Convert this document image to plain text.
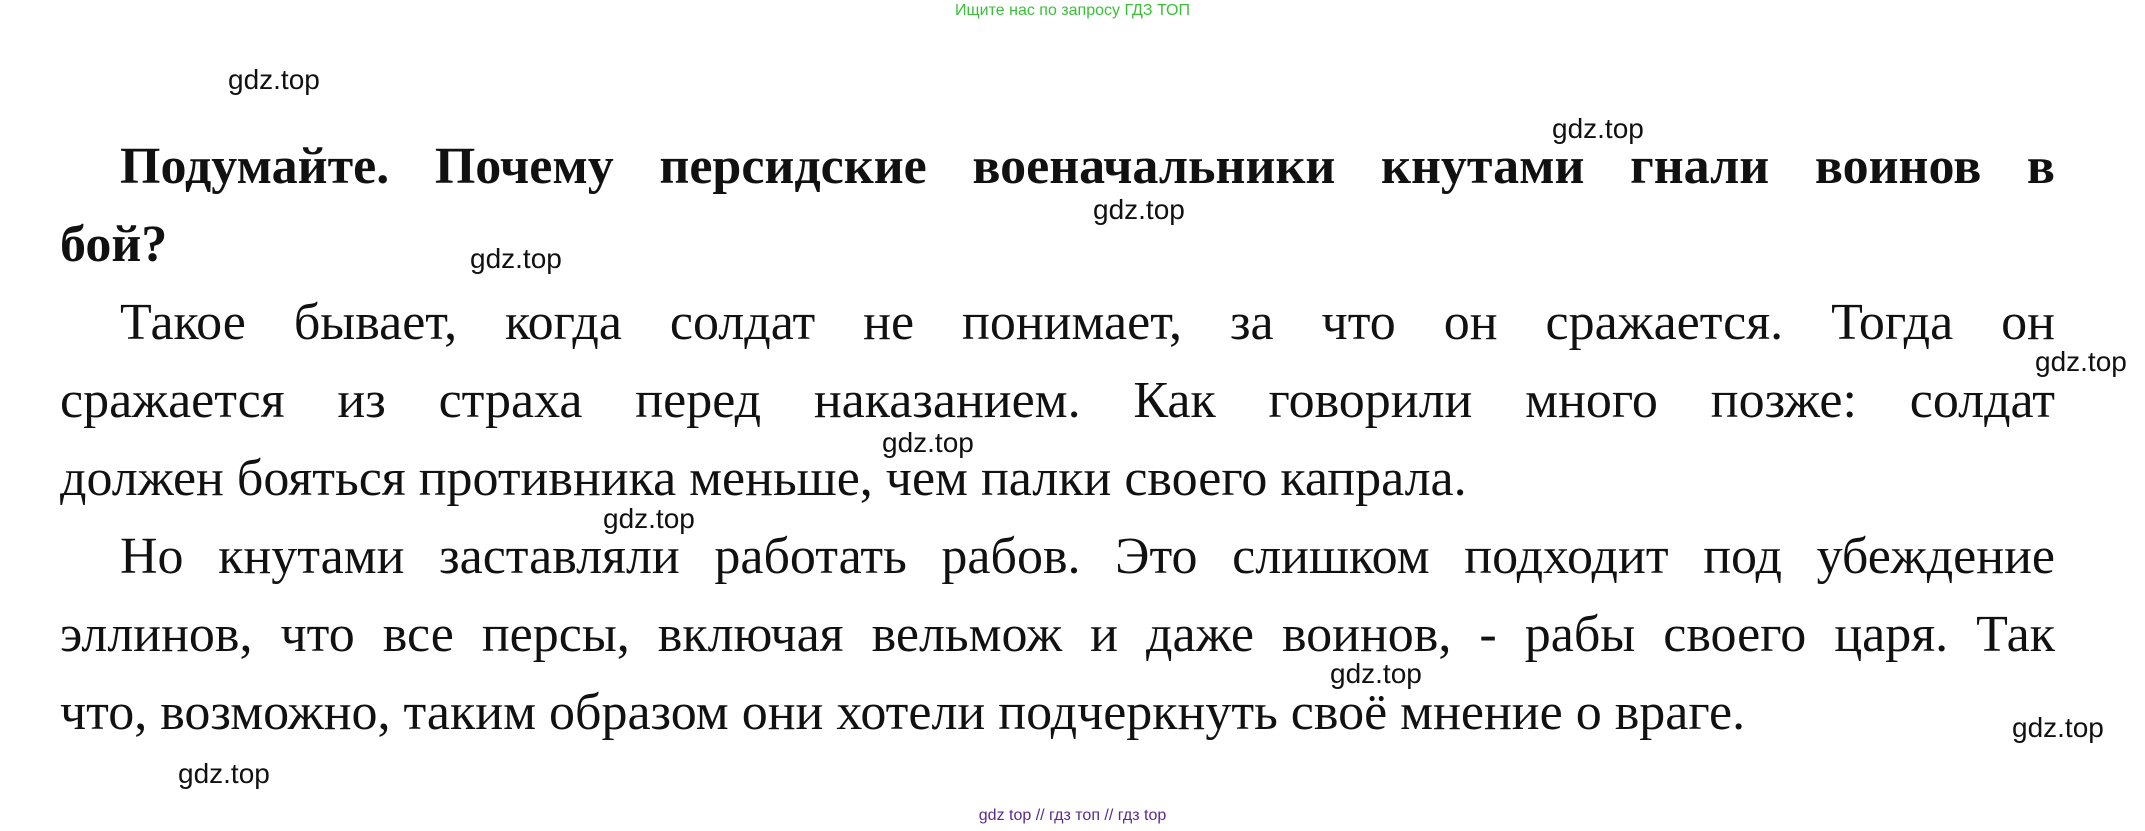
Ищите нас по запросу ГДЗ ТОП
gdz.top
gdz.top
gdz.top
gdz.top
gdz.top
gdz.top
gdz.top
gdz.top
gdz.top
gdz.top
Подумайте. Почему персидские военачальники кнутами гнали воинов в
бой?
Такое бывает, когда солдат не понимает, за что он сражается. Тогда он
сражается из страха перед наказанием. Как говорили много позже: солдат
должен бояться противника меньше, чем палки своего капрала.
Но кнутами заставляли работать рабов. Это слишком подходит под убеждение
эллинов, что все персы, включая вельмож и даже воинов, - рабы своего царя. Так
что, возможно, таким образом они хотели подчеркнуть своё мнение о враге.
gdz top // гдз топ // гдз top
